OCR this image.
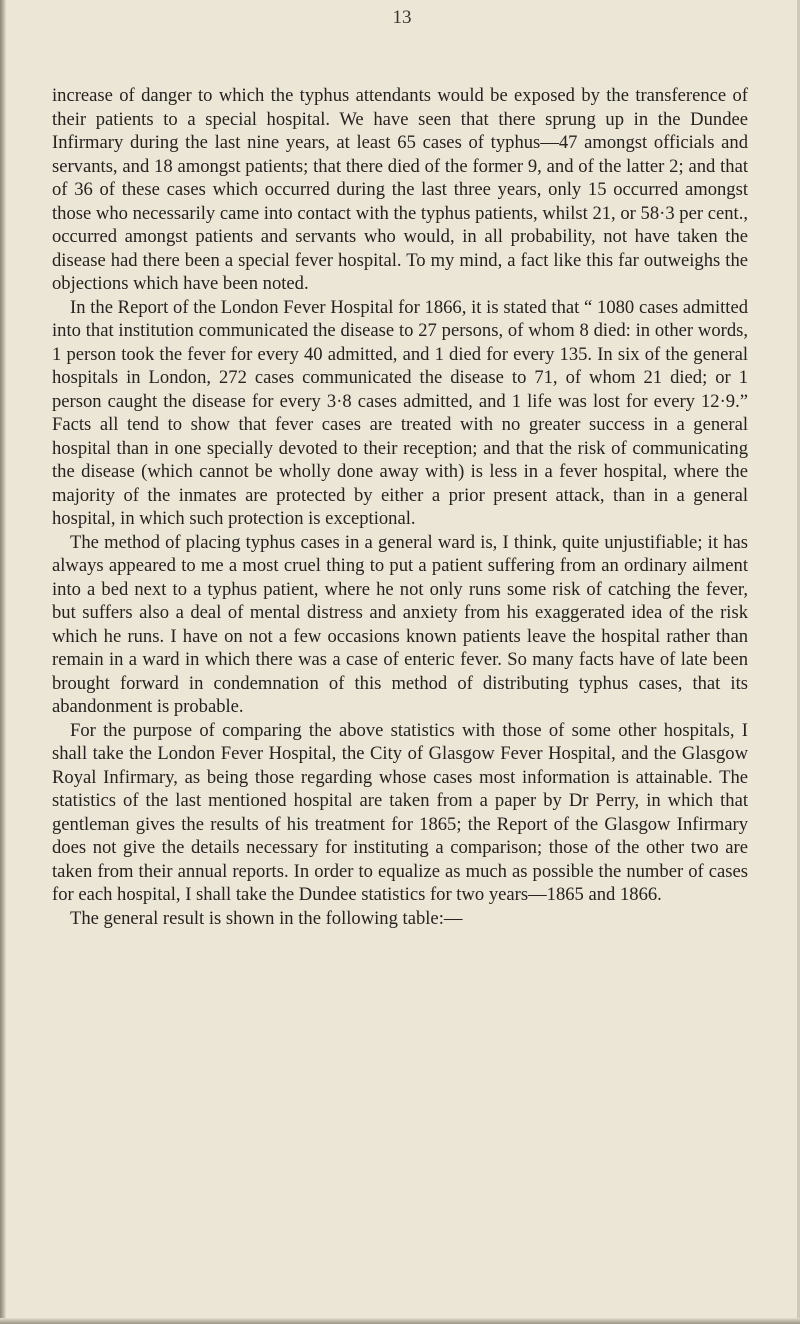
13

increase of danger to which the typhus attendants would be exposed by the transference of their patients to a special hospital. We have seen that there sprung up in the Dundee Infirmary during the last nine years, at least 65 cases of typhus—47 amongst officials and servants, and 18 amongst patients; that there died of the former 9, and of the latter 2; and that of 36 of these cases which occurred during the last three years, only 15 occurred amongst those who necessarily came into contact with the typhus patients, whilst 21, or 58·3 per cent., occurred amongst patients and servants who would, in all probability, not have taken the disease had there been a special fever hospital. To my mind, a fact like this far outweighs the objections which have been noted.

In the Report of the London Fever Hospital for 1866, it is stated that “ 1080 cases admitted into that institution communicated the disease to 27 persons, of whom 8 died: in other words, 1 person took the fever for every 40 admitted, and 1 died for every 135. In six of the general hospitals in London, 272 cases communicated the disease to 71, of whom 21 died; or 1 person caught the disease for every 3·8 cases admitted, and 1 life was lost for every 12·9.” Facts all tend to show that fever cases are treated with no greater success in a general hospital than in one specially devoted to their reception; and that the risk of communicating the disease (which cannot be wholly done away with) is less in a fever hospital, where the majority of the inmates are protected by either a prior present attack, than in a general hospital, in which such protection is exceptional.

The method of placing typhus cases in a general ward is, I think, quite unjustifiable; it has always appeared to me a most cruel thing to put a patient suffering from an ordinary ailment into a bed next to a typhus patient, where he not only runs some risk of catching the fever, but suffers also a deal of mental distress and anxiety from his exaggerated idea of the risk which he runs. I have on not a few occasions known patients leave the hospital rather than remain in a ward in which there was a case of enteric fever. So many facts have of late been brought forward in condemnation of this method of distributing typhus cases, that its abandonment is probable.

For the purpose of comparing the above statistics with those of some other hospitals, I shall take the London Fever Hospital, the City of Glasgow Fever Hospital, and the Glasgow Royal Infirmary, as being those regarding whose cases most information is attainable. The statistics of the last mentioned hospital are taken from a paper by Dr Perry, in which that gentleman gives the results of his treatment for 1865; the Report of the Glasgow Infirmary does not give the details necessary for instituting a comparison; those of the other two are taken from their annual reports. In order to equalize as much as possible the number of cases for each hospital, I shall take the Dundee statistics for two years—1865 and 1866.

The general result is shown in the following table:—
